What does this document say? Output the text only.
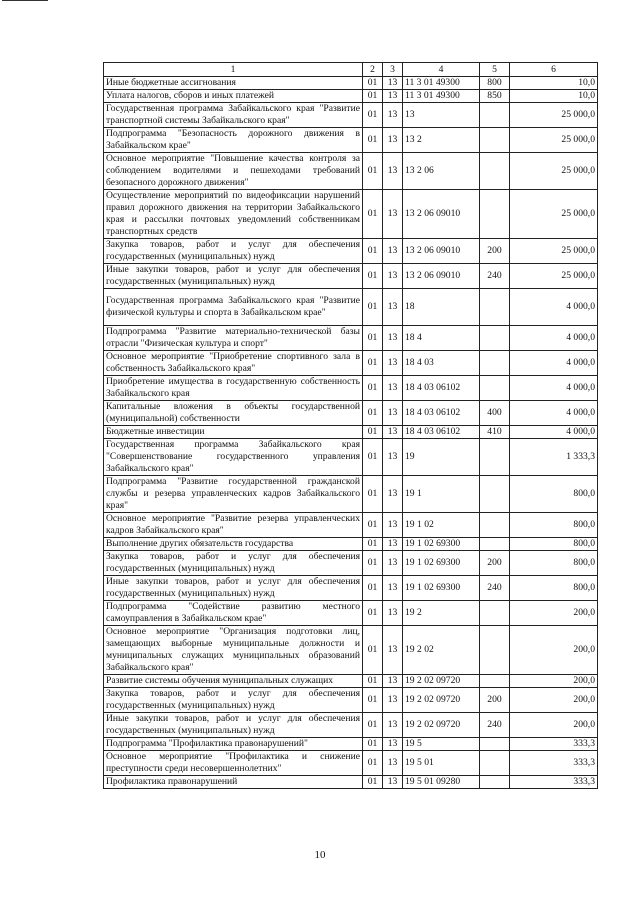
1	2	3	4	5	6
Иные бюджетные ассигнования	01	13	11 3 01 49300	800	10,0
Уплата налогов, сборов и иных платежей	01	13	11 3 01 49300	850	10,0
Государственная программа Забайкальского края "Развитие транспортной системы Забайкальского края"	01	13	13		25 000,0
Подпрограмма "Безопасность дорожного движения в Забайкальском крае"	01	13	13 2		25 000,0
Основное мероприятие "Повышение качества контроля за соблюдением водителями и пешеходами требований безопасного дорожного движения"	01	13	13 2 06		25 000,0
Осуществление мероприятий по видеофиксации нарушений правил дорожного движения на территории Забайкальского края и рассылки почтовых уведомлений собственникам транспортных средств	01	13	13 2 06 09010		25 000,0
Закупка товаров, работ и услуг для обеспечения государственных (муниципальных) нужд	01	13	13 2 06 09010	200	25 000,0
Иные закупки товаров, работ и услуг для обеспечения государственных (муниципальных) нужд	01	13	13 2 06 09010	240	25 000,0
Государственная программа Забайкальского края "Развитие физической культуры и спорта в Забайкальском крае"	01	13	18		4 000,0
Подпрограмма "Развитие материально-технической базы отрасли "Физическая культура и спорт"	01	13	18 4		4 000,0
Основное мероприятие "Приобретение спортивного зала в собственность Забайкальского края"	01	13	18 4 03		4 000,0
Приобретение имущества в государственную собственность Забайкальского края	01	13	18 4 03 06102		4 000,0
Капитальные вложения в объекты государственной (муниципальной) собственности	01	13	18 4 03 06102	400	4 000,0
Бюджетные инвестиции	01	13	18 4 03 06102	410	4 000,0
Государственная программа Забайкальского края "Совершенствование государственного управления Забайкальского края"	01	13	19		1 333,3
Подпрограмма "Развитие государственной гражданской службы и резерва управленческих кадров Забайкальского края"	01	13	19 1		800,0
Основное мероприятие "Развитие резерва управленческих кадров Забайкальского края"	01	13	19 1 02		800,0
Выполнение других обязательств государства	01	13	19 1 02 69300		800,0
Закупка товаров, работ и услуг для обеспечения государственных (муниципальных) нужд	01	13	19 1 02 69300	200	800,0
Иные закупки товаров, работ и услуг для обеспечения государственных (муниципальных) нужд	01	13	19 1 02 69300	240	800,0
Подпрограмма "Содействие развитию местного самоуправления в Забайкальском крае"	01	13	19 2		200,0
Основное мероприятие "Организация подготовки лиц, замещающих выборные муниципальные должности и муниципальных служащих муниципальных образований Забайкальского края"	01	13	19 2 02		200,0
Развитие системы обучения муниципальных служащих	01	13	19 2 02 09720		200,0
Закупка товаров, работ и услуг для обеспечения государственных (муниципальных) нужд	01	13	19 2 02 09720	200	200,0
Иные закупки товаров, работ и услуг для обеспечения государственных (муниципальных) нужд	01	13	19 2 02 09720	240	200,0
Подпрограмма "Профилактика правонарушений"	01	13	19 5		333,3
Основное мероприятие "Профилактика и снижение преступности среди несовершеннолетних"	01	13	19 5 01		333,3
Профилактика правонарушений	01	13	19 5 01 09280		333,3
10
